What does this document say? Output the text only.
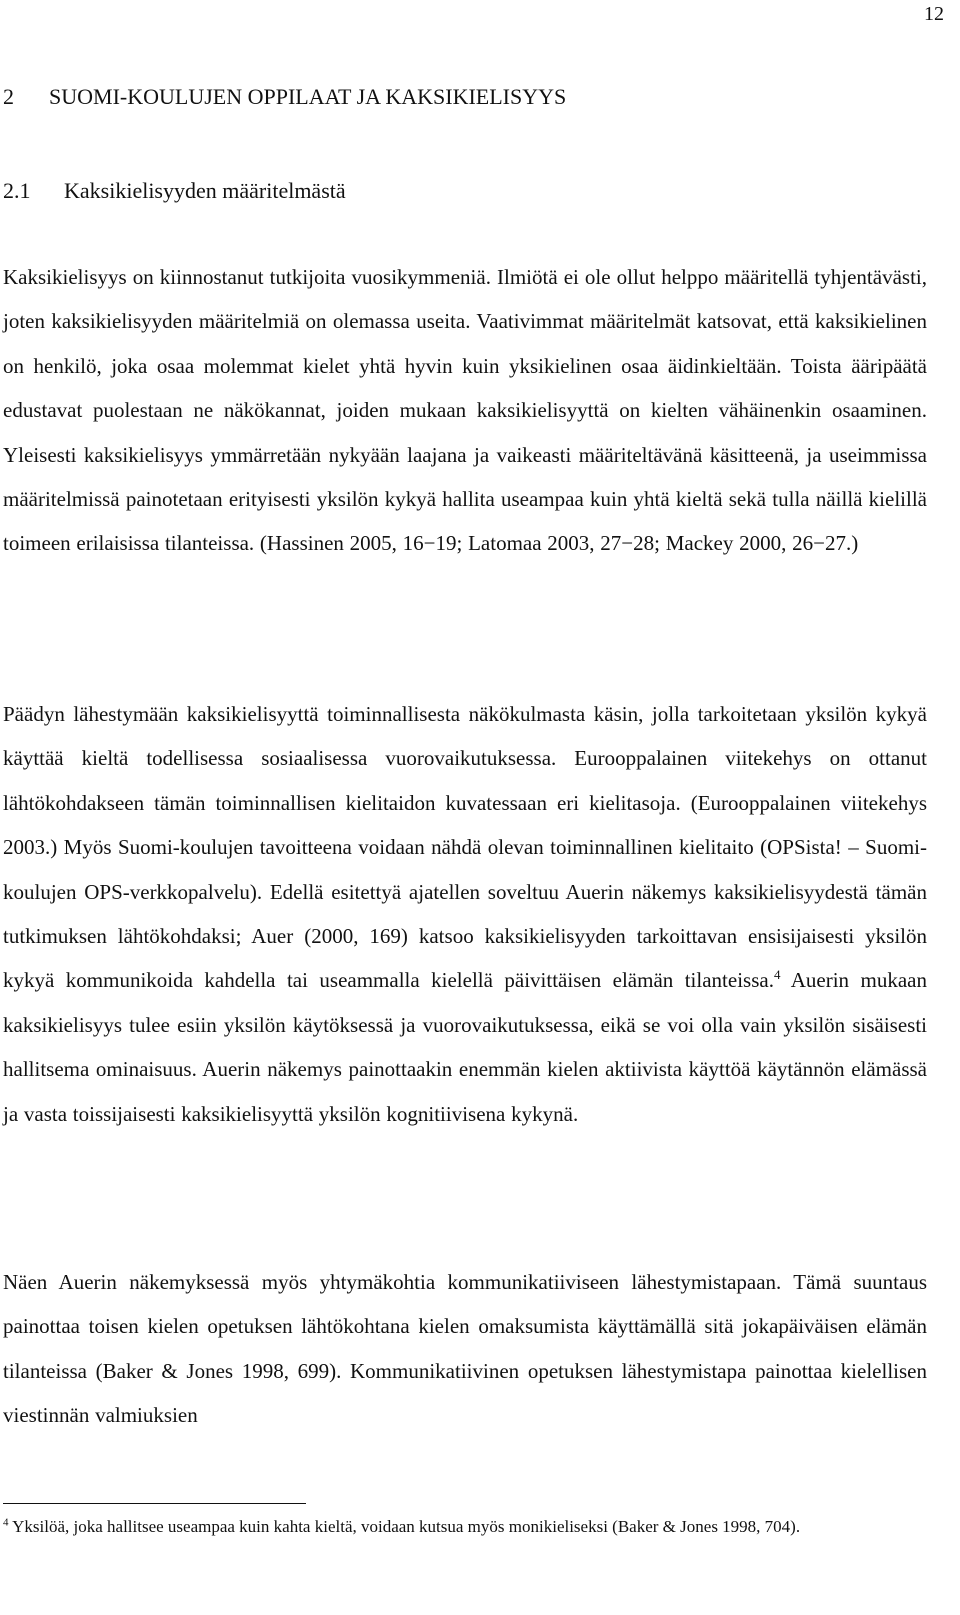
12
2 SUOMI-KOULUJEN OPPILAAT JA KAKSIKIELISYYS
2.1 Kaksikielisyyden määritelmästä

Kaksikielisyys on kiinnostanut tutkijoita vuosikymmeniä. Ilmiötä ei ole ollut helppo määritellä tyhjentävästi, joten kaksikielisyyden määritelmiä on olemassa useita. Vaativimmat määritelmät katsovat, että kaksikielinen on henkilö, joka osaa molemmat kielet yhtä hyvin kuin yksikielinen osaa äidinkieltään. Toista ääripäätä edustavat puolestaan ne näkökannat, joiden mukaan kaksikielisyyttä on kielten vähäinenkin osaaminen. Yleisesti kaksikielisyys ymmärretään nykyään laajana ja vaikeasti määriteltävänä käsitteenä, ja useimmissa määritelmissä painotetaan erityisesti yksilön kykyä hallita useampaa kuin yhtä kieltä sekä tulla näillä kielillä toimeen erilaisissa tilanteissa. (Hassinen 2005, 16−19; Latomaa 2003, 27−28; Mackey 2000, 26−27.)

Päädyn lähestymään kaksikielisyyttä toiminnallisesta näkökulmasta käsin, jolla tarkoitetaan yksilön kykyä käyttää kieltä todellisessa sosiaalisessa vuorovaikutuksessa. Eurooppalainen viitekehys on ottanut lähtökohdakseen tämän toiminnallisen kielitaidon kuvatessaan eri kielitasoja. (Eurooppalainen viitekehys 2003.) Myös Suomi-koulujen tavoitteena voidaan nähdä olevan toiminnallinen kielitaito (OPSista! – Suomi-koulujen OPS-verkkopalvelu). Edellä esitettyä ajatellen soveltuu Auerin näkemys kaksikielisyydestä tämän tutkimuksen lähtökohdaksi; Auer (2000, 169) katsoo kaksikielisyyden tarkoittavan ensisijaisesti yksilön kykyä kommunikoida kahdella tai useammalla kielellä päivittäisen elämän tilanteissa.$^4$ Auerin mukaan kaksikielisyys tulee esiin yksilön käytöksessä ja vuorovaikutuksessa, eikä se voi olla vain yksilön sisäisesti hallitsema ominaisuus. Auerin näkemys painottaakin enemmän kielen aktiivista käyttöä käytännön elämässä ja vasta toissijaisesti kaksikielisyyttä yksilön kognitiivisena kykynä.

Näen Auerin näkemyksessä myös yhtymäkohtia kommunikatiiviseen lähestymistapaan. Tämä suuntaus painottaa toisen kielen opetuksen lähtökohtana kielen omaksumista käyttämällä sitä jokapäiväisen elämän tilanteissa (Baker & Jones 1998, 699). Kommunikatiivinen opetuksen lähestymistapa painottaa kielellisen viestinnän valmiuksien

$^4$ Yksilöä, joka hallitsee useampaa kuin kahta kieltä, voidaan kutsua myös monikieliseksi (Baker & Jones 1998, 704).
